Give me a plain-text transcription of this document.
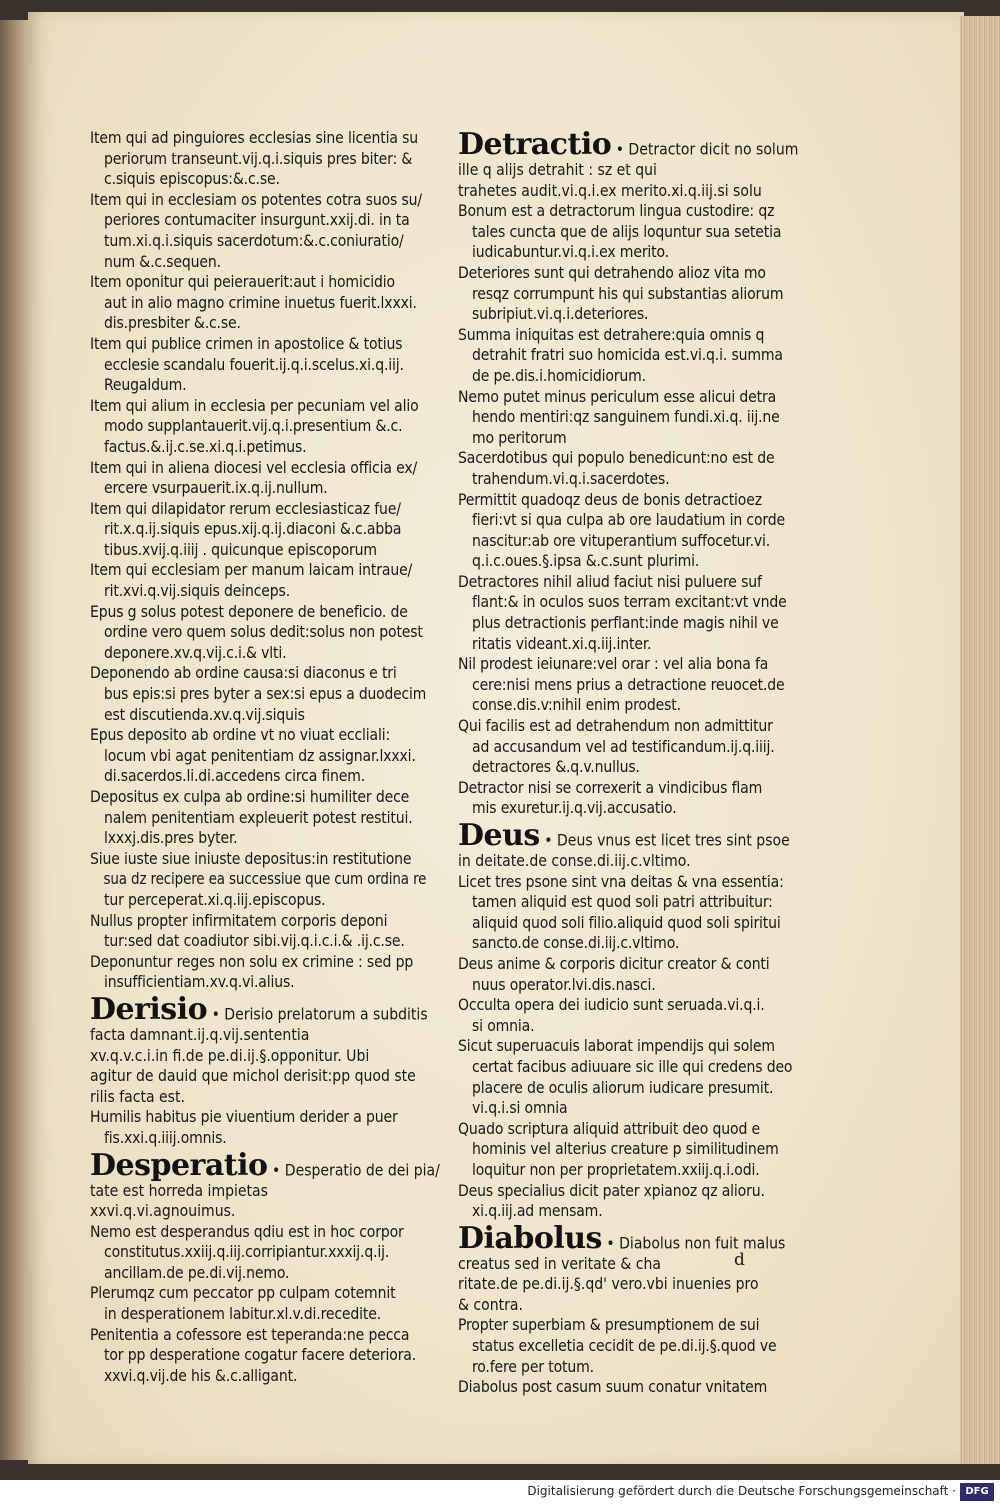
Item qui ad pinguiores ecclesias sine licentia su
periorum transeunt.vij.q.i.siquis pres biter: &
c.siquis episcopus:&.c.se.
Item qui in ecclesiam os potentes cotra suos su/
periores contumaciter insurgunt.xxij.di. in ta
tum.xi.q.i.siquis sacerdotum:&.c.coniuratio/
num &.c.sequen.
Item oponitur qui peierauerit:aut i homicidio
aut in alio magno crimine inuetus fuerit.lxxxi.
dis.presbiter &.c.se.
Item qui publice crimen in apostolice & totius
ecclesie scandalu fouerit.ij.q.i.scelus.xi.q.iij.
Reugaldum.
Item qui alium in ecclesia per pecuniam vel alio
modo supplantauerit.vij.q.i.presentium &.c.
factus.&.ij.c.se.xi.q.i.petimus.
Item qui in aliena diocesi vel ecclesia officia ex/
ercere vsurpauerit.ix.q.ij.nullum.
Item qui dilapidator rerum ecclesiasticaz fue/
rit.x.q.ij.siquis epus.xij.q.ij.diaconi &.c.abba
tibus.xvij.q.iiij . quicunque episcoporum
Item qui ecclesiam per manum laicam intraue/
rit.xvi.q.vij.siquis deinceps.
Epus g solus potest deponere de beneficio. de
ordine vero quem solus dedit:solus non potest
deponere.xv.q.vij.c.i.& vlti.
Deponendo ab ordine causa:si diaconus e tri
bus epis:si pres byter a sex:si epus a duodecim
est discutienda.xv.q.vij.siquis
Epus deposito ab ordine vt no viuat eccliali:
locum vbi agat penitentiam dz assignar.lxxxi.
di.sacerdos.li.di.accedens circa finem.
Depositus ex culpa ab ordine:si humiliter dece
nalem penitentiam expleuerit potest restitui.
lxxxj.dis.pres byter.
Siue iuste siue iniuste depositus:in restitutione
sua dz recipere ea successiue que cum ordina re
tur perceperat.xi.q.iij.episcopus.
Nullus propter infirmitatem corporis deponi
tur:sed dat coadiutor sibi.vij.q.i.c.i.& .ij.c.se.
Deponuntur reges non solu ex crimine : sed pp
insufficientiam.xv.q.vi.alius.
Derisio • Derisio prelatorum a subditis
facta damnant.ij.q.vij.sententia
xv.q.v.c.i.in fi.de pe.di.ij.§.opponitur. Ubi
agitur de dauid que michol derisit:pp quod ste
rilis facta est.
Humilis habitus pie viuentium derider a puer
fis.xxi.q.iiij.omnis.
Desperatio • Desperatio de dei pia/
tate est horreda impietas
xxvi.q.vi.agnouimus.
Nemo est desperandus qdiu est in hoc corpor
constitutus.xxiij.q.iij.corripiantur.xxxij.q.ij.
ancillam.de pe.di.vij.nemo.
Plerumqz cum peccator pp culpam cotemnit
in desperationem labitur.xl.v.di.recedite.
Penitentia a cofessore est teperanda:ne pecca
tor pp desperatione cogatur facere deteriora.
xxvi.q.vij.de his &.c.alligant.
Detractio • Detractor dicit no solum
ille q alijs detrahit : sz et qui
trahetes audit.vi.q.i.ex merito.xi.q.iij.si solu
Bonum est a detractorum lingua custodire: qz
tales cuncta que de alijs loquntur sua setetia
iudicabuntur.vi.q.i.ex merito.
Deteriores sunt qui detrahendo alioz vita mo
resqz corrumpunt his qui substantias aliorum
subripiut.vi.q.i.deteriores.
Summa iniquitas est detrahere:quia omnis q
detrahit fratri suo homicida est.vi.q.i. summa
de pe.dis.i.homicidiorum.
Nemo putet minus periculum esse alicui detra
hendo mentiri:qz sanguinem fundi.xi.q. iij.ne
mo peritorum
Sacerdotibus qui populo benedicunt:no est de
trahendum.vi.q.i.sacerdotes.
Permittit quadoqz deus de bonis detractioez
fieri:vt si qua culpa ab ore laudatium in corde
nascitur:ab ore vituperantium suffocetur.vi.
q.i.c.oues.§.ipsa &.c.sunt plurimi.
Detractores nihil aliud faciut nisi puluere suf
flant:& in oculos suos terram excitant:vt vnde
plus detractionis perflant:inde magis nihil ve
ritatis videant.xi.q.iij.inter.
Nil prodest ieiunare:vel orar : vel alia bona fa
cere:nisi mens prius a detractione reuocet.de
conse.dis.v:nihil enim prodest.
Qui facilis est ad detrahendum non admittitur
ad accusandum vel ad testificandum.ij.q.iiij.
detractores &.q.v.nullus.
Detractor nisi se correxerit a vindicibus flam
mis exuretur.ij.q.vij.accusatio.
Deus • Deus vnus est licet tres sint psoe
in deitate.de conse.di.iij.c.vltimo.
Licet tres psone sint vna deitas & vna essentia:
tamen aliquid est quod soli patri attribuitur:
aliquid quod soli filio.aliquid quod soli spiritui
sancto.de conse.di.iij.c.vltimo.
Deus anime & corporis dicitur creator & conti
nuus operator.lvi.dis.nasci.
Occulta opera dei iudicio sunt seruada.vi.q.i.
si omnia.
Sicut superuacuis laborat impendijs qui solem
certat facibus adiuuare sic ille qui credens deo
placere de oculis aliorum iudicare presumit.
vi.q.i.si omnia
Quado scriptura aliquid attribuit deo quod e
hominis vel alterius creature p similitudinem
loquitur non per proprietatem.xxiij.q.i.odi.
Deus specialius dicit pater xpianoz qz alioru.
xi.q.iij.ad mensam.
Diabolus • Diabolus non fuit malus
creatus sed in veritate & cha
ritate.de pe.di.ij.§.qd' vero.vbi inuenies pro
& contra.
Propter superbiam & presumptionem de sui
status excelletia cecidit de pe.di.ij.§.quod ve
ro.fere per totum.
Diabolus post casum suum conatur vnitatem
d
Digitalisierung gefördert durch die Deutsche Forschungsgemeinschaft · DFG
